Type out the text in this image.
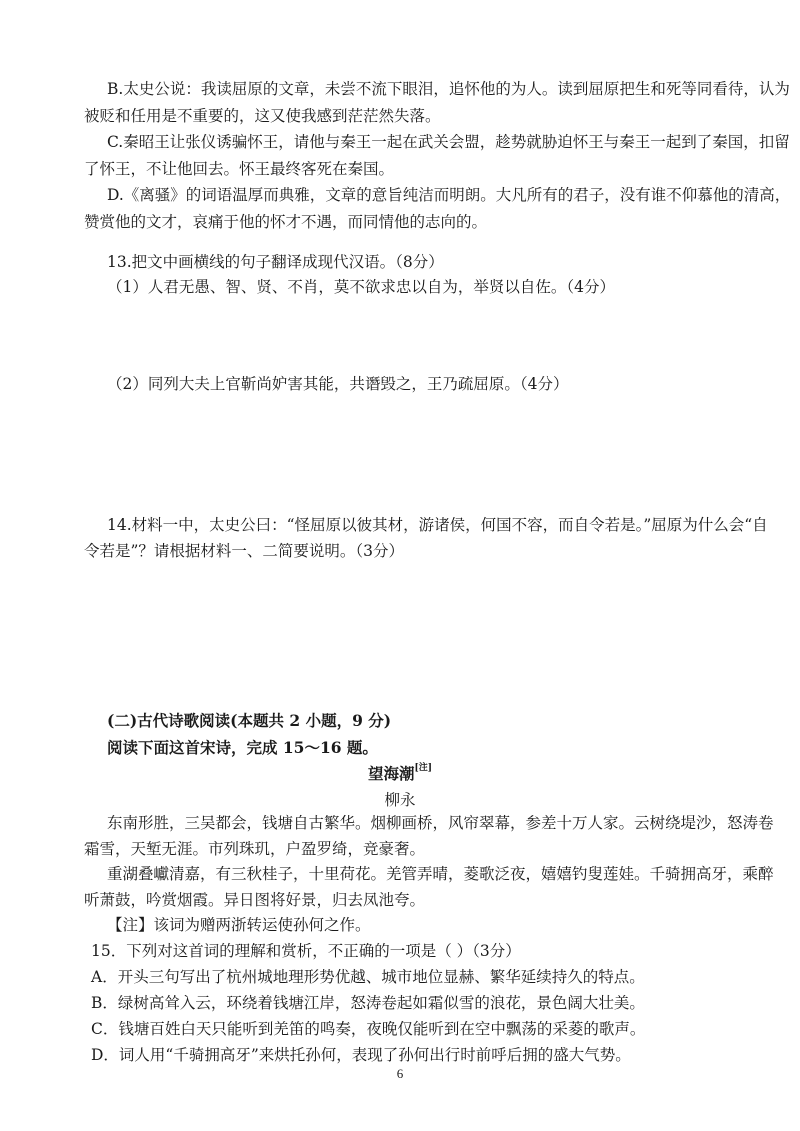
B.太史公说：我读屈原的文章，未尝不流下眼泪，追怀他的为人。读到屈原把生和死等同看待，认为
被贬和任用是不重要的，这又使我感到茫茫然失落。
C.秦昭王让张仪诱骗怀王，请他与秦王一起在武关会盟，趁势就胁迫怀王与秦王一起到了秦国，扣留
了怀王，不让他回去。怀王最终客死在秦国。
D.《离骚》的词语温厚而典雅，文章的意旨纯洁而明朗。大凡所有的君子，没有谁不仰慕他的清高，
赞赏他的文才，哀痛于他的怀才不遇，而同情他的志向的。
13.把文中画横线的句子翻译成现代汉语。（8分）
（1）人君无愚、智、贤、不肖，莫不欲求忠以自为，举贤以自佐。（4分）
（2）同列大夫上官靳尚妒害其能，共谮毁之，王乃疏屈原。（4分）
14.材料一中，太史公曰：“怪屈原以彼其材，游诸侯，何国不容，而自令若是。”屈原为什么会“自
令若是”？请根据材料一、二简要说明。（3分）
(二)古代诗歌阅读(本题共 2 小题，9 分)
阅读下面这首宋诗，完成 15～16 题。
望海潮[注]
柳永
东南形胜，三吴都会，钱塘自古繁华。烟柳画桥，风帘翠幕，参差十万人家。云树绕堤沙，怒涛卷
霜雪，天堑无涯。市列珠玑，户盈罗绮，竞豪奢。
重湖叠巘清嘉，有三秋桂子，十里荷花。羌管弄晴，菱歌泛夜，嬉嬉钓叟莲娃。千骑拥高牙，乘醉
听萧鼓，吟赏烟霞。异日图将好景，归去凤池夸。
【注】该词为赠两浙转运使孙何之作。
15．下列对这首词的理解和赏析，不正确的一项是（ ）（3分）
A．开头三句写出了杭州城地理形势优越、城市地位显赫、繁华延续持久的特点。
B．绿树高耸入云，环绕着钱塘江岸，怒涛卷起如霜似雪的浪花，景色阔大壮美。
C．钱塘百姓白天只能听到羌笛的鸣奏，夜晚仅能听到在空中飘荡的采菱的歌声。
D．词人用“千骑拥高牙”来烘托孙何，表现了孙何出行时前呼后拥的盛大气势。
6
